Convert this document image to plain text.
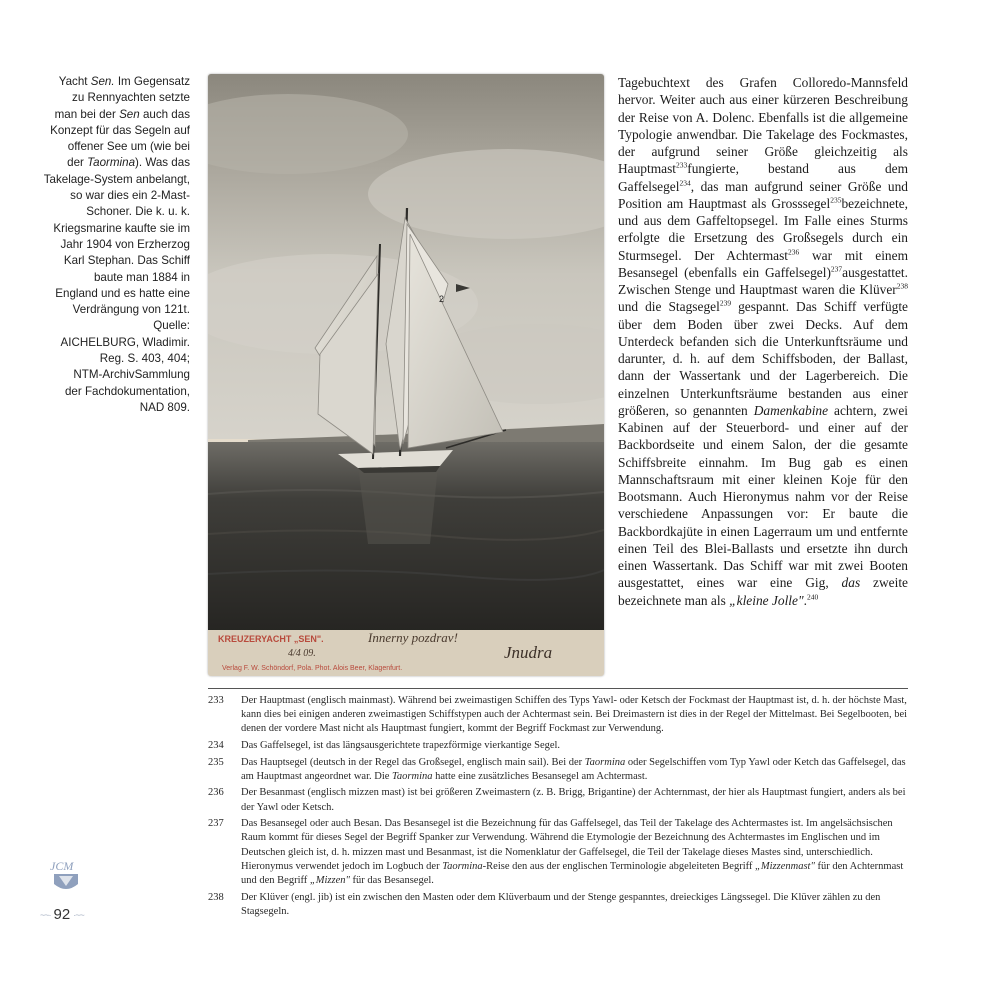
Yacht Sen. Im Gegensatz
zu Rennyachten setzte
man bei der Sen auch das
Konzept für das Segeln auf
offener See um (wie bei
der Taormina). Was das
Takelage-System anbelangt,
so war dies ein 2-Mast-
Schoner. Die k. u. k.
Kriegsmarine kaufte sie im
Jahr 1904 von Erzherzog
Karl Stephan. Das Schiff
baute man 1884 in
England und es hatte eine
Verdrängung von 121t.
Quelle:
AICHELBURG, Wladimir.
Reg. S. 403, 404;
NTM-ArchivSammlung
der Fachdokumentation,
NAD 809.
2
KREUZERYACHT „SEN".	Innerny pozdrav!
4/4 09.	Jnudra
Verlag F. W. Schöndorf, Pola. Phot. Alois Beer, Klagenfurt.
Tagebuchtext des Grafen Colloredo-Mannsfeld hervor. Weiter auch aus einer kürzeren Beschreibung der Reise von A. Dolenc. Ebenfalls ist die allgemeine Typologie anwendbar. Die Takelage des Fockmastes, der aufgrund seiner Größe gleichzeitig als Hauptmast$^{233}$fungierte, bestand aus dem Gaffelsegel$^{234}$, das man aufgrund seiner Größe und Position am Hauptmast als Grosssegel$^{235}$bezeichnete, und aus dem Gaffeltopsegel. Im Falle eines Sturms erfolgte die Ersetzung des Großsegels durch ein Sturmsegel. Der Achtermast$^{236}$ war mit einem Besansegel (ebenfalls ein Gaffelsegel)$^{237}$ausgestattet. Zwischen Stenge und Hauptmast waren die Klüver$^{238}$ und die Stagsegel$^{239}$ gespannt. Das Schiff verfügte über dem Boden über zwei Decks. Auf dem Unterdeck befanden sich die Unterkunftsräume und darunter, d. h. auf dem Schiffsboden, der Ballast, dann der Wassertank und der Lagerbereich. Die einzelnen Unterkunftsräume bestanden aus einer größeren, so genannten Damenkabine achtern, zwei Kabinen auf der Steuerbord- und einer auf der Backbordseite und einem Salon, der die gesamte Schiffsbreite einnahm. Im Bug gab es einen Mannschaftsraum mit einer kleinen Koje für den Bootsmann. Auch Hieronymus nahm vor der Reise verschiedene Anpassungen vor: Er baute die Backbordkajüte in einen Lagerraum um und entfernte einen Teil des Blei-Ballasts und ersetzte ihn durch einen Wassertank. Das Schiff war mit zwei Booten ausgestattet, eines war eine Gig, das zweite bezeichnete man als „kleine Jolle".$^{240}$
233	Der Hauptmast (englisch mainmast). Während bei zweimastigen Schiffen des Typs Yawl- oder Ketsch der Fockmast der Hauptmast ist, d. h. der höchste Mast, kann dies bei einigen anderen zweimastigen Schiffstypen auch der Achtermast sein. Bei Dreimastern ist dies in der Regel der Mittelmast. Bei Segelbooten, bei denen der vordere Mast nicht als Hauptmast fungiert, kommt der Begriff Fockmast zur Verwendung.
234	Das Gaffelsegel, ist das längsausgerichtete trapezförmige vierkantige Segel.
235	Das Hauptsegel (deutsch in der Regel das Großsegel, englisch main sail). Bei der Taormina oder Segelschiffen vom Typ Yawl oder Ketch das Gaffelsegel, das am Hauptmast angeordnet war. Die Taormina hatte eine zusätzliches Besansegel am Achtermast.
236	Der Besanmast (englisch mizzen mast) ist bei größeren Zweimastern (z. B. Brigg, Brigantine) der Achternmast, der hier als Hauptmast fungiert, anders als bei der Yawl oder Ketsch.
237	Das Besansegel oder auch Besan. Das Besansegel ist die Bezeichnung für das Gaffelsegel, das Teil der Takelage des Achtermastes ist. Im angelsächsischen Raum kommt für dieses Segel der Begriff Spanker zur Verwendung. Während die Etymologie der Bezeichnung des Achtermastes im Englischen und im Deutschen gleich ist, d. h. mizzen mast und Besanmast, ist die Nomenklatur der Gaffelsegel, die Teil der Takelage dieses Mastes sind, unterschiedlich. Hieronymus verwendet jedoch im Logbuch der Taormina-Reise den aus der englischen Terminologie abgeleiteten Begriff „Mizzenmast" für den Achternmast und den Begriff „Mizzen" für das Besansegel.
238	Der Klüver (engl. jib) ist ein zwischen den Masten oder dem Klüverbaum und der Stenge gespanntes, dreieckiges Längssegel. Die Klüver zählen zu den Stagsegeln.
JCM
~~· 92 ·~~
